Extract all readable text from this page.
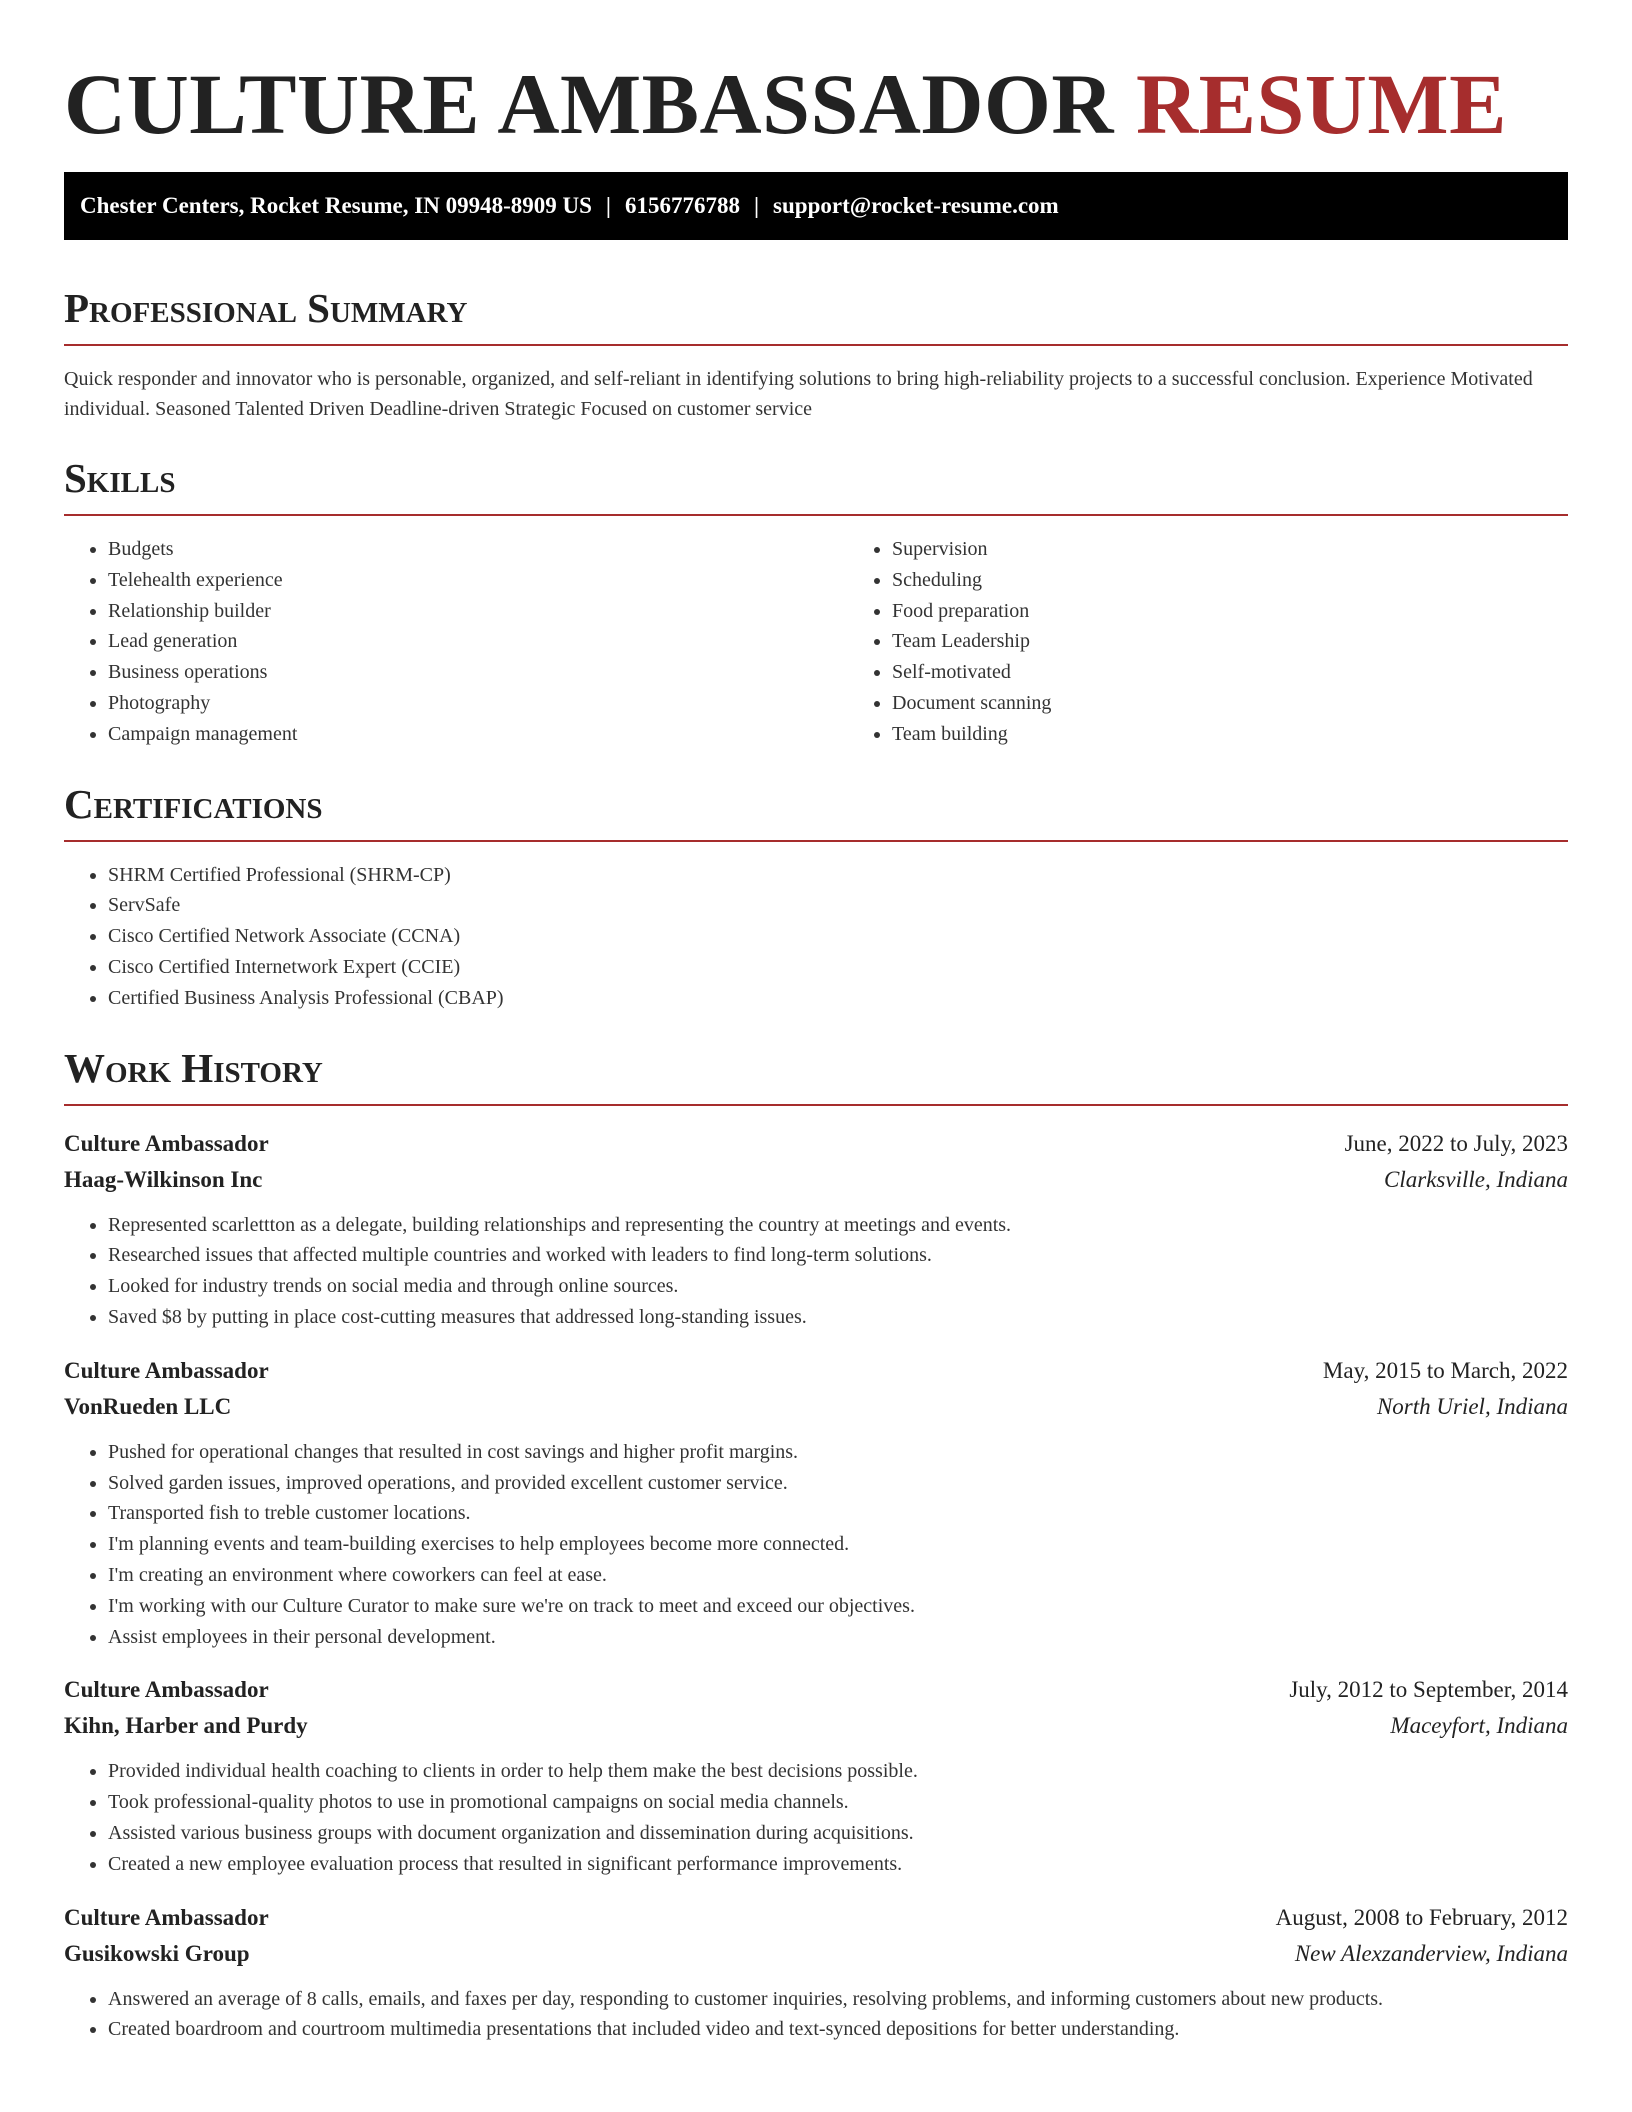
CULTURE AMBASSADOR RESUME
Chester Centers, Rocket Resume, IN 09948-8909 US | 6156776788 | support@rocket-resume.com
Professional Summary

Quick responder and innovator who is personable, organized, and self-reliant in identifying solutions to bring high-reliability projects to a successful conclusion. Experience Motivated individual. Seasoned Talented Driven Deadline-driven Strategic Focused on customer service

Skills
• Budgets
• Telehealth experience
• Relationship builder
• Lead generation
• Business operations
• Photography
• Campaign management
• Supervision
• Scheduling
• Food preparation
• Team Leadership
• Self-motivated
• Document scanning
• Team building
Certifications
• SHRM Certified Professional (SHRM-CP)
• ServSafe
• Cisco Certified Network Associate (CCNA)
• Cisco Certified Internetwork Expert (CCIE)
• Certified Business Analysis Professional (CBAP)
Work History
Culture Ambassador	June, 2022 to July, 2023
Haag-Wilkinson Inc	Clarksville, Indiana
• Represented scarlettton as a delegate, building relationships and representing the country at meetings and events.
• Researched issues that affected multiple countries and worked with leaders to find long-term solutions.
• Looked for industry trends on social media and through online sources.
• Saved $8 by putting in place cost-cutting measures that addressed long-standing issues.
Culture Ambassador	May, 2015 to March, 2022
VonRueden LLC	North Uriel, Indiana
• Pushed for operational changes that resulted in cost savings and higher profit margins.
• Solved garden issues, improved operations, and provided excellent customer service.
• Transported fish to treble customer locations.
• I'm planning events and team-building exercises to help employees become more connected.
• I'm creating an environment where coworkers can feel at ease.
• I'm working with our Culture Curator to make sure we're on track to meet and exceed our objectives.
• Assist employees in their personal development.
Culture Ambassador	July, 2012 to September, 2014
Kihn, Harber and Purdy	Maceyfort, Indiana
• Provided individual health coaching to clients in order to help them make the best decisions possible.
• Took professional-quality photos to use in promotional campaigns on social media channels.
• Assisted various business groups with document organization and dissemination during acquisitions.
• Created a new employee evaluation process that resulted in significant performance improvements.
Culture Ambassador	August, 2008 to February, 2012
Gusikowski Group	New Alexzanderview, Indiana
• Answered an average of 8 calls, emails, and faxes per day, responding to customer inquiries, resolving problems, and informing customers about new products.
• Created boardroom and courtroom multimedia presentations that included video and text-synced depositions for better understanding.
